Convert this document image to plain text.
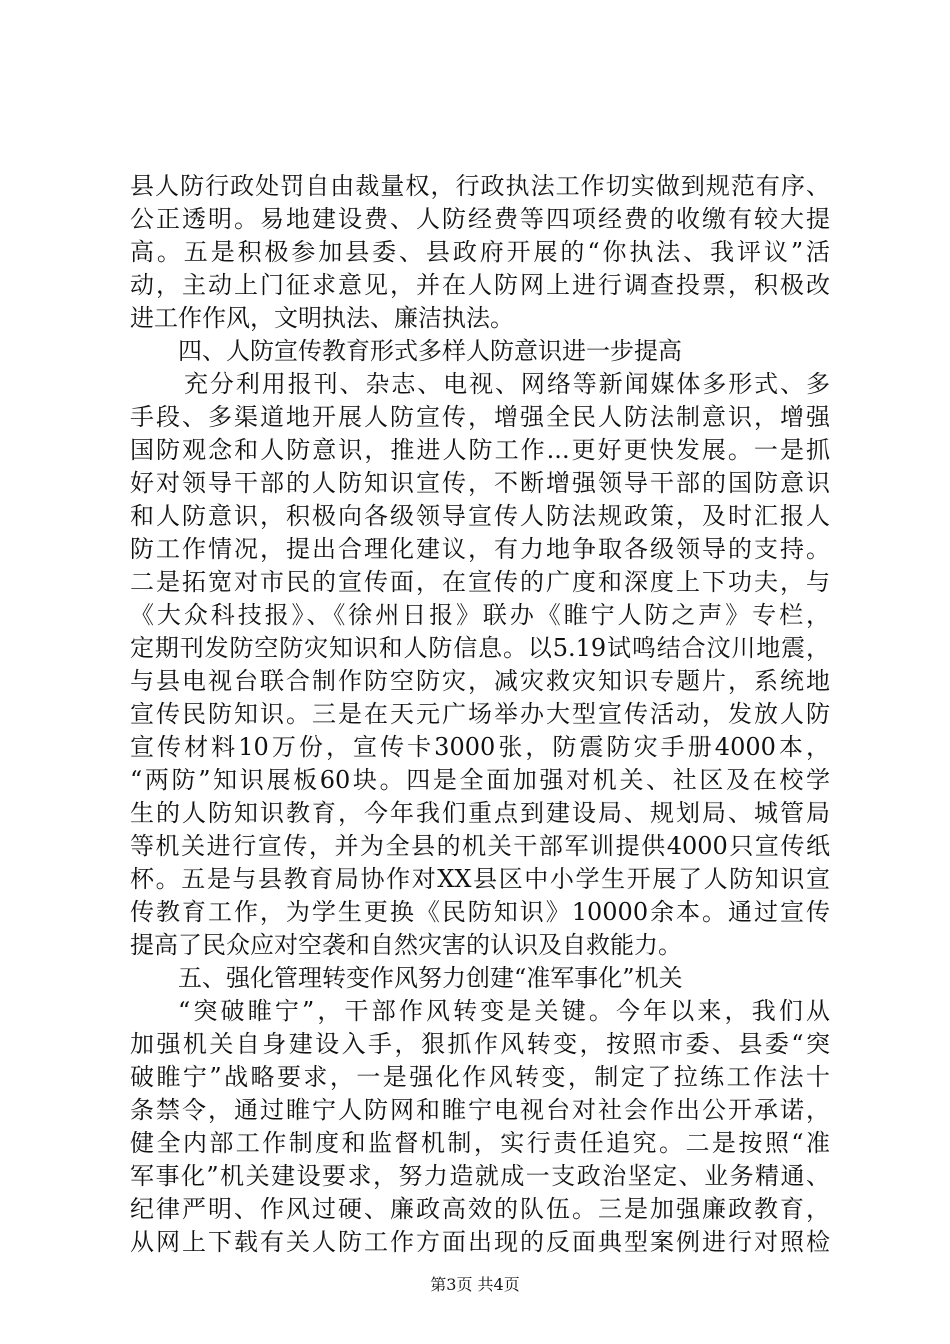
县人防行政处罚自由裁量权，行政执法工作切实做到规范有序、
公正透明。易地建设费、人防经费等四项经费的收缴有较大提
高。五是积极参加县委、县政府开展的“你执法、我评议”活
动，主动上门征求意见，并在人防网上进行调查投票，积极改
进工作作风，文明执法、廉洁执法。
四、人防宣传教育形式多样人防意识进一步提高
充分利用报刊、杂志、电视、网络等新闻媒体多形式、多
手段、多渠道地开展人防宣传，增强全民人防法制意识，增强
国防观念和人防意识，推进人防工作...更好更快发展。一是抓
好对领导干部的人防知识宣传，不断增强领导干部的国防意识
和人防意识，积极向各级领导宣传人防法规政策，及时汇报人
防工作情况，提出合理化建议，有力地争取各级领导的支持。
二是拓宽对市民的宣传面，在宣传的广度和深度上下功夫，与
《大众科技报》、《徐州日报》联办《睢宁人防之声》专栏，
定期刊发防空防灾知识和人防信息。以5.19试鸣结合汶川地震，
与县电视台联合制作防空防灾，减灾救灾知识专题片，系统地
宣传民防知识。三是在天元广场举办大型宣传活动，发放人防
宣传材料10万份，宣传卡3000张，防震防灾手册4000本，
“两防”知识展板60块。四是全面加强对机关、社区及在校学
生的人防知识教育，今年我们重点到建设局、规划局、城管局
等机关进行宣传，并为全县的机关干部军训提供4000只宣传纸
杯。五是与县教育局协作对XX县区中小学生开展了人防知识宣
传教育工作，为学生更换《民防知识》10000余本。通过宣传
提高了民众应对空袭和自然灾害的认识及自救能力。
五、强化管理转变作风努力创建“准军事化”机关
“突破睢宁”，干部作风转变是关键。今年以来，我们从
加强机关自身建设入手，狠抓作风转变，按照市委、县委“突
破睢宁”战略要求，一是强化作风转变，制定了拉练工作法十
条禁令，通过睢宁人防网和睢宁电视台对社会作出公开承诺，
健全内部工作制度和监督机制，实行责任追究。二是按照“准
军事化”机关建设要求，努力造就成一支政治坚定、业务精通、
纪律严明、作风过硬、廉政高效的队伍。三是加强廉政教育，
从网上下载有关人防工作方面出现的反面典型案例进行对照检
第3页 共4页
